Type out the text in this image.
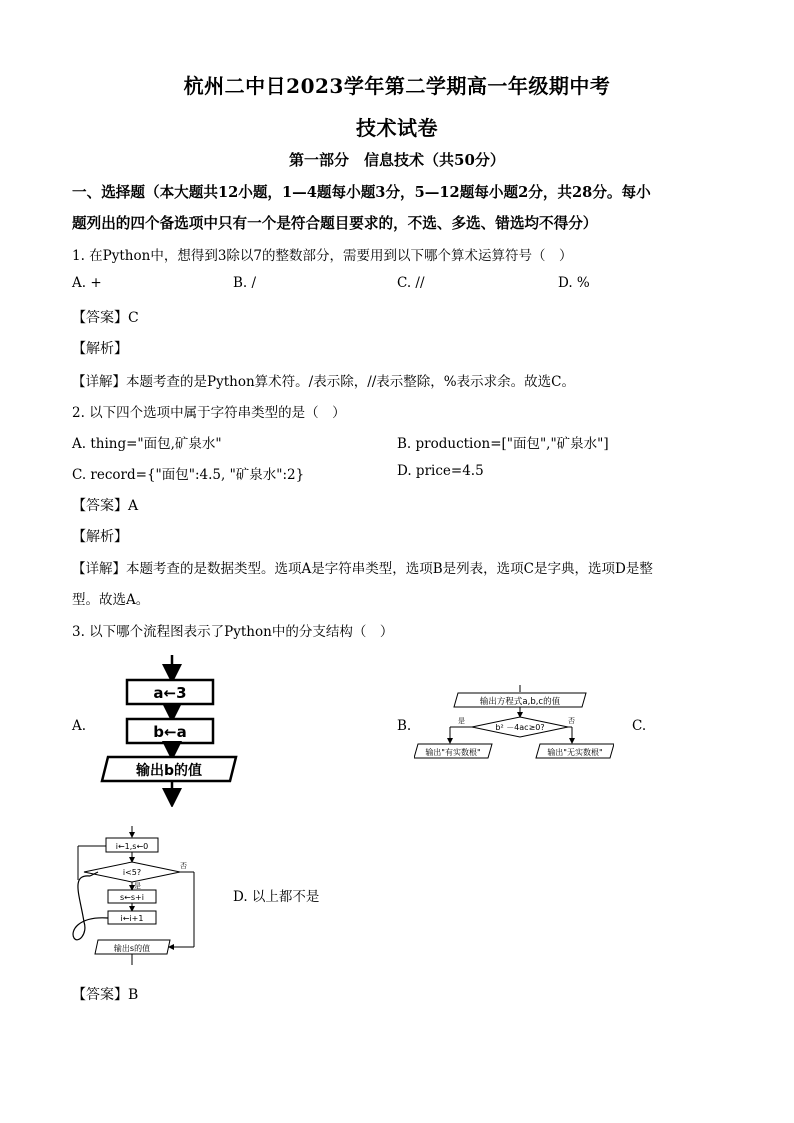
杭州二中日2023学年第二学期高一年级期中考
技术试卷
第一部分　信息技术（共50分）
一、选择题（本大题共12小题，1—4题每小题3分，5—12题每小题2分，共28分。每小
题列出的四个备选项中只有一个是符合题目要求的，不选、多选、错选均不得分）
1. 在Python中，想得到3除以7的整数部分，需要用到以下哪个算术运算符号（　）
A. +	B. /	C. //	D. %
【答案】C
【解析】
【详解】本题考查的是Python算术符。/表示除，//表示整除，%表示求余。故选C。
2. 以下四个选项中属于字符串类型的是（　）
A. thing="面包,矿泉水"	B. production=["面包","矿泉水"]
C. record={"面包":4.5, "矿泉水":2}	D. price=4.5
【答案】A
【解析】
【详解】本题考查的是数据类型。选项A是字符串类型，选项B是列表，选项C是字典，选项D是整
型。故选A。
3. 以下哪个流程图表示了Python中的分支结构（　）
A.	B.	C.
a←3
b←a
输出b的值
输出方程式a,b,c的值
b² －4ac≥0?
是	否
输出"有实数根"	输出"无实数根"
i←1,s←0
i<5?
否
是
s←s+i
i←i+1
输出s的值
D. 以上都不是
【答案】B
